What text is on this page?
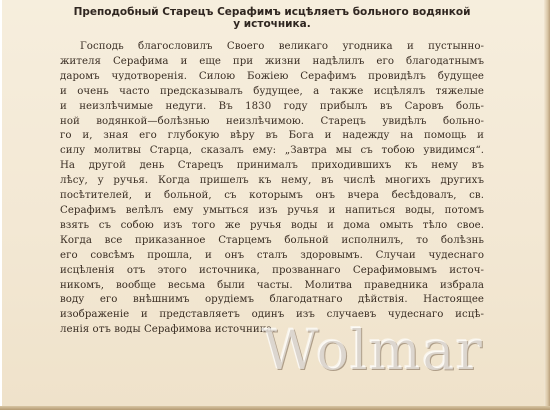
Преподобный Старецъ Серафимъ исцѣляетъ больного водянкой
у источника.
Господь благословилъ Своего великаго угодника и пустынно-
жителя Серафима и еще при жизни надѣлилъ его благодатнымъ
даромъ чудотворенія. Силою Божіею Серафимъ провидѣлъ будущее
и очень часто предсказывалъ будущее, а также исцѣлялъ тяжелые
и неизлѣчимые недуги. Въ 1830 году прибылъ въ Саровъ боль-
ной водянкой—болѣзнью неизлѣчимою. Старецъ увидѣлъ больно-
го и, зная его глубокую вѣру въ Бога и надежду на помощь и
силу молитвы Старца, сказалъ ему: „Завтра мы съ тобою увидимся“.
На другой день Старецъ принималъ приходившихъ къ нему въ
лѣсу, у ручья. Когда пришелъ къ нему, въ числѣ многихъ другихъ
посѣтителей, и больной, съ которымъ онъ вчера бесѣдовалъ, св.
Серафимъ велѣлъ ему умыться изъ ручья и напиться воды, потомъ
взять съ собою изъ того же ручья воды и дома омыть тѣло свое.
Когда все приказанное Старцемъ больной исполнилъ, то болѣзнь
его совсѣмъ прошла, и онъ сталъ здоровымъ. Случаи чудеснаго
исцѣленія отъ этого источника, прозваннаго Серафимовымъ источ-
никомъ, вообще весьма были часты. Молитва праведника избрала
воду его внѣшнимъ орудіемъ благодатнаго дѣйствія. Настоящее
изображеніе и представляетъ одинъ изъ случаевъ чудеснаго исцѣ-
ленія отъ воды Серафимова источника.
Wolmar
